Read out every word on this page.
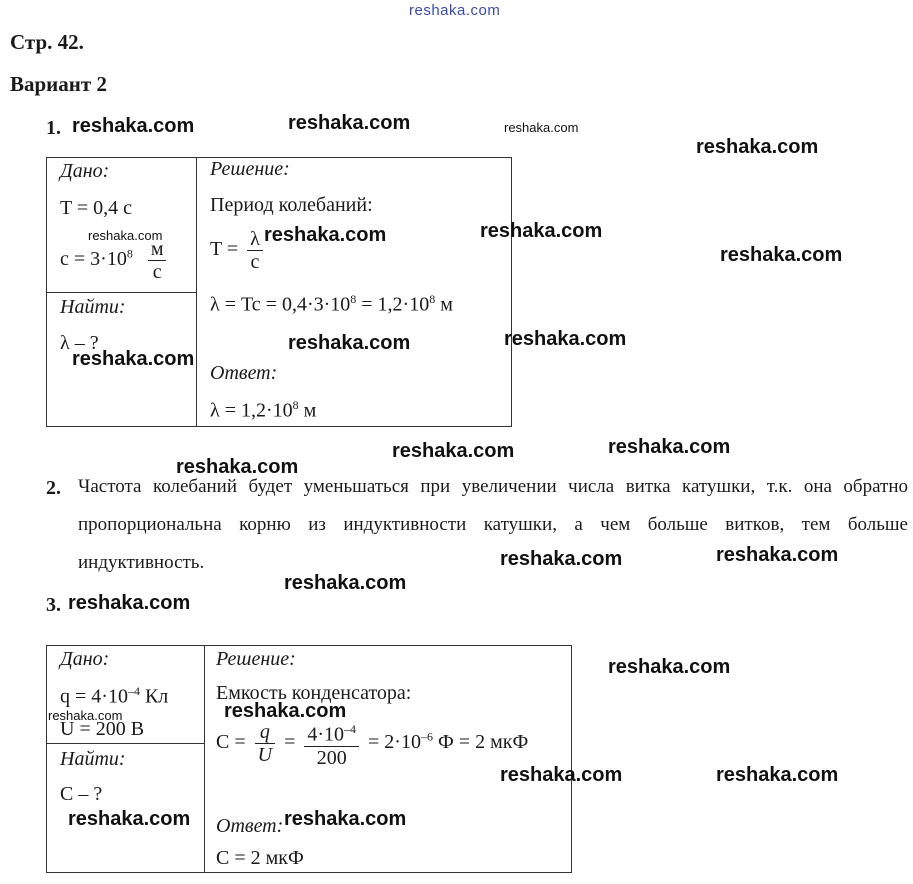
reshaka.com
Стр. 42.
Вариант 2
1.
Дано:
T = 0,4 с
$c = 3\cdot 10^8 \frac{м}{с}$
Найти:
λ – ?
Решение:
Период колебаний:
$T = \frac{\lambda}{c}$
$\lambda = Tc = 0,4\cdot 3\cdot 10^8 = 1,2\cdot 10^8$ м
Ответ:
$\lambda = 1,2\cdot 10^8$ м
2. Частота колебаний будет уменьшаться при увеличении числа витка катушки, т.к. она обратно пропорциональна корню из индуктивности катушки, а чем больше витков, тем больше индуктивность.
3.
Дано:
$q = 4\cdot 10^{-4}$ Кл
U = 200 В
Найти:
C – ?
Решение:
Емкость конденсатора:
$C = \frac{q}{U} = \frac{4\cdot 10^{-4}}{200} = 2\cdot 10^{-6}$ Ф = 2 мкФ
Ответ:
C = 2 мкФ
reshaka.com	reshaka.com	reshaka.com
reshaka.com
reshaka.com	reshaka.com	reshaka.com
reshaka.com
reshaka.com
reshaka.com	reshaka.com
reshaka.com	reshaka.com
reshaka.com
reshaka.com	reshaka.com
reshaka.com
reshaka.com
reshaka.com
reshaka.com	reshaka.com
reshaka.com	reshaka.com
reshaka.com	reshaka.com
